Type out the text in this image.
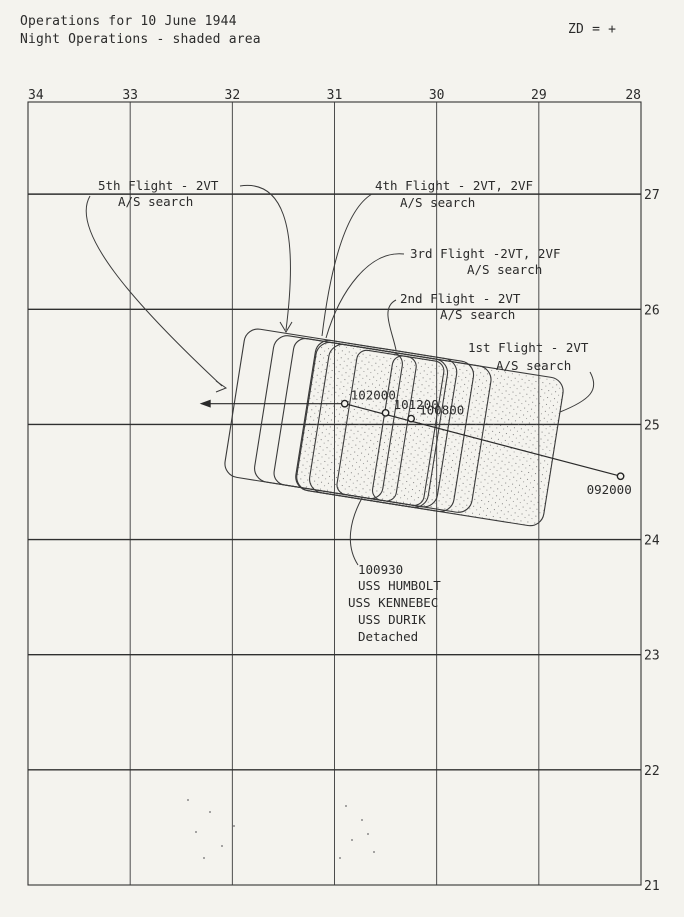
Operations for 10 June 1944
Night Operations - shaded area
ZD = +
34	33	32	31	30	29	28
27
26
25
24
23
22
21
092000
100800
101200
102000
5th Flight - 2VT
A/S search
4th Flight - 2VT, 2VF
A/S search
3rd Flight -2VT, 2VF
A/S search
2nd Flight - 2VT
A/S search
1st Flight - 2VT
A/S search
100930
USS HUMBOLT
USS KENNEBEC
USS DURIK
Detached
